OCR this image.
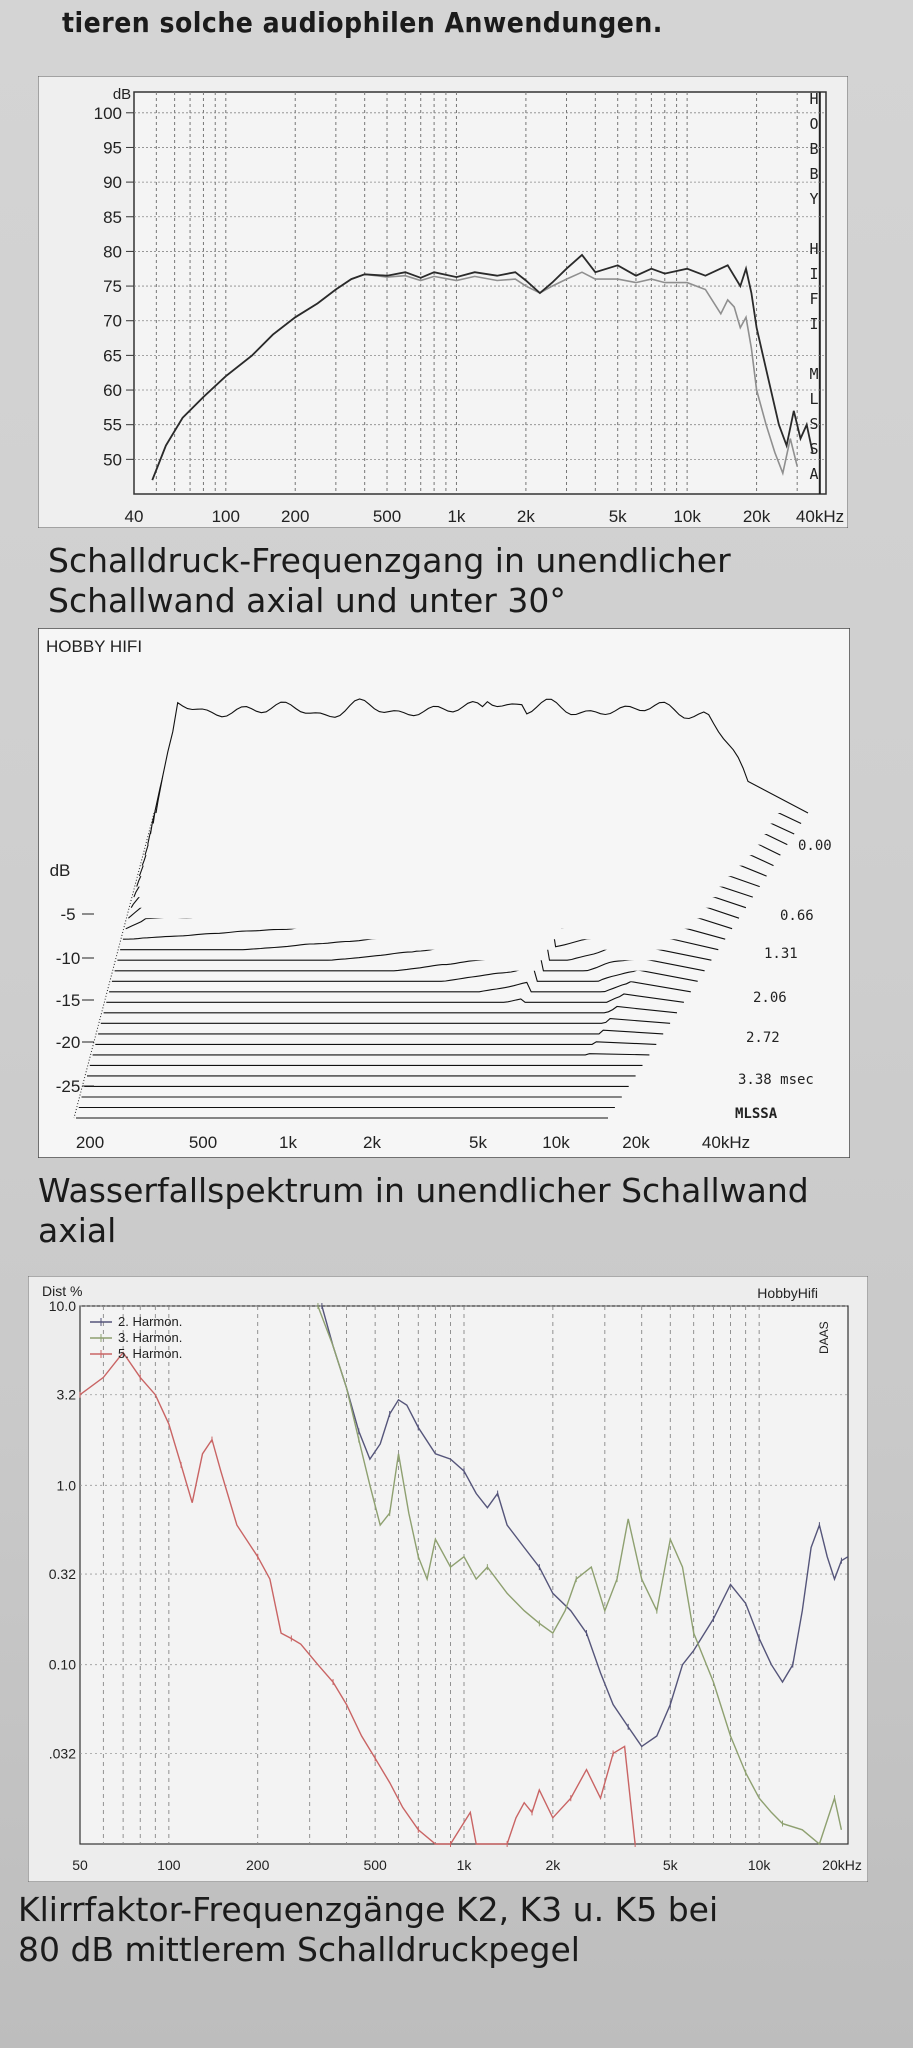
tieren solche audiophilen Anwendungen.

100
95
90
85
80
75
70
65
60
55
50
40	100 200	500	1k	2k	5k	10k 20k 40kHz
H
O
B
B
Y
H
I
F
I
M
L
S
S
A
dB

Schalldruck-Frequenzgang in unendlicher
Schallwand axial und unter 30°

HOBBY HIFI
-5
-10
-15
-20
-25
200	500	1k	2k	5k	10k	20k	40kHz
0.00
0.66
1.31
2.06
2.72
3.38 msec
dB
MLSSA

Wasserfallspektrum in unendlicher Schallwand
axial

10.0
3.2
1.0
0.32
0.10
.032
50	100	200	500	1k	2k	5k	10k	20kHz
2. Harmon.
3. Harmon.
5. Harmon.
Dist %	HobbyHifi
DAAS

Klirrfaktor-Frequenzgänge K2, K3 u. K5 bei
80 dB mittlerem Schalldruckpegel
